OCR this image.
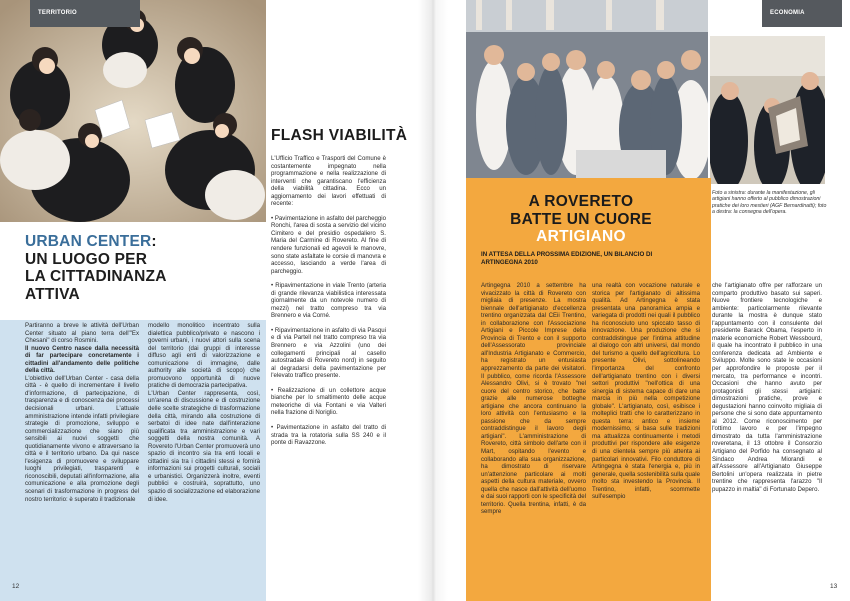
TERRITORIO
URBAN CENTER:
UN LUOGO PER
LA CITTADINANZA
ATTIVA

Partiranno a breve le attività dell'Urban Center situato al piano terra dell'"Ex Chesani" di corso Rosmini.

Il nuovo Centro nasce dalla necessità di far partecipare concretamente i cittadini all'andamento delle politiche della città.

L'obiettivo dell'Urban Center - casa della città - è quello di incrementare il livello d'informazione, di partecipazione, di trasparenza e di conoscenza dei processi decisionali urbani. L'attuale amministrazione intende infatti privilegiare strategie di promozione, sviluppo e commercializzazione che siano più sensibili ai nuovi soggetti che quotidianamente vivono e attraversano la città e il territorio urbano. Da qui nasce l'esigenza di promuovere e sviluppare luoghi privilegiati, trasparenti e riconoscibili, deputati all'informazione, alla comunicazione e alla promozione degli scenari di trasformazione in progress del nostro territorio: è superato il tradizionale

modello monolitico incentrato sulla dialettica pubblico/privato e nascono i governi urbani, i nuovi attori sulla scena del territorio (dai gruppi di interesse diffuso agli enti di valorizzazione e comunicazione di immagine, dalle authority alle società di scopo) che promuovono opportunità di nuove pratiche di democrazia partecipativa.

L'Urban Center rappresenta, così, un'arena di discussione e di costruzione delle scelte strategiche di trasformazione della città, mirando alla costruzione di serbatoi di idee nate dall'interazione qualificata tra amministrazione e vari soggetti della nostra comunità. A Rovereto l'Urban Center promuoverà uno spazio di incontro sia tra enti locali e cittadini sia tra i cittadini stessi e fornirà informazioni sui progetti culturali, sociali e urbanistici. Organizzerà inoltre, eventi pubblici e costruirà, soprattutto, uno spazio di socializzazione ed elaborazione di idee.

FLASH VIABILITÀ

L'Ufficio Traffico e Trasporti del Comune è costantemente impegnato nella programmazione e nella realizzazione di interventi che garantiscano l'efficienza della viabilità cittadina. Ecco un aggiornamento dei lavori effettuati di recente:

• Pavimentazione in asfalto del parcheggio Ronchi, l'area di sosta a servizio del vicino Cimitero e del presidio ospedaliero S. Maria del Carmine di Rovereto. Al fine di rendere funzionali ed agevoli le manovre, sono state asfaltate le corsie di manovra e accesso, lasciando a verde l'area di parcheggio.

• Ripavimentazione in viale Trento (arteria di grande rilevanza viabilistica interessata giornalmente da un notevole numero di mezzi) nel tratto compreso tra via Brennero e via Corné.

• Ripavimentazione in asfalto di via Pasqui e di via Partell nel tratto compreso tra via Brennero e via Azzolini (uno dei collegamenti principali al casello autostradale di Rovereto nord) in seguito al degradarsi della pavimentazione per l'elevato traffico presente.

• Realizzazione di un collettore acque bianche per lo smaltimento delle acque meteoriche di via Fontani e via Valteri nella frazione di Noriglio.

• Pavimentazione in asfalto del tratto di strada tra la rotatoria sulla SS 240 e il ponte di Ravazzone.

12
ECONOMIA
Foto a sinistra: durante la manifestazione, gli artigiani hanno offerto al pubblico dimostrazioni pratiche dei loro mestieri (AGF Bernardinatti); foto a destra: la consegna dell'opera.
A ROVERETO
BATTE UN CUORE
ARTIGIANO
IN ATTESA DELLA PROSSIMA EDIZIONE, UN BILANCIO DI ARTINGEGNA 2010
Artingegna 2010 a settembre ha vivacizzato la città di Rovereto con migliaia di presenze. La mostra biennale dell'artigianato d'eccellenza trentino organizzata dal CEii Trentino, in collaborazione con l'Associazione Artigiani e Piccole Imprese della Provincia di Trento e con il supporto dell'Assessorato provinciale all'Industria Artigianato e Commercio, ha registrato un entusiasta apprezzamento da parte dei visitatori. Il pubblico, come ricorda l'Assessore Alessandro Olivi, si è trovato "nel cuore del centro storico, che batte grazie alle numerose botteghe artigiane che ancora continuano la loro attività con l'entusiasmo e la passione che da sempre contraddistingue il lavoro degli artigiani". L'amministrazione di Rovereto, città simbolo dell'arte con il Mart, ospitando l'evento e collaborando alla sua organizzazione, ha dimostrato di riservare un'attenzione particolare ai molti aspetti della cultura materiale, ovvero quella che nasce dall'attività dell'uomo e dai suoi rapporti con le specificità del territorio. Quella trentina, infatti, è da sempre
una realtà con vocazione naturale e storica per l'artigianato di altissima qualità. Ad Artingegna è stata presentata una panoramica ampia e variegata di prodotti nei quali il pubblico ha riconosciuto uno spiccato tasso di innovazione. Una produzione che si contraddistingue per l'intima attitudine al dialogo con altri universi, dal mondo del turismo a quello dell'agricoltura. Lo presente Olivi, sottolineando l'importanza del confronto dell'artigianato trentino con i diversi settori produttivi "nell'ottica di una sinergia di sistema capace di dare una marcia in più nella competizione globale". L'artigianato, così, esibisce i molteplici tratti che lo caratterizzano in questa terra: antico e insieme modernissimo, si basa sulle tradizioni ma attualizza continuamente i metodi produttivi per rispondere alle esigenze di una clientela sempre più attenta ai particolari innovativi. Filo conduttore di Artingegna è stata l'energia e, più in generale, quella sostenibilità sulla quale molto sta investendo la Provincia. Il Trentino, infatti, scommette sull'esempio
che l'artigianato offre per rafforzare un comparto produttivo basato sui saperi. Nuove frontiere tecnologiche e ambiente: particolarmente rilevante durante la mostra è dunque stato l'appuntamento con il consulente del presidente Barack Obama, l'esperto in materie economiche Robert Wessbourd, il quale ha incontrato il pubblico in una conferenza dedicata ad Ambiente e Sviluppo. Molte sono state le occasioni per approfondire le proposte per il mercato, tra performance e incontri. Occasioni che hanno avuto per protagonisti gli stessi artigiani: dimostrazioni pratiche, prove e degustazioni hanno coinvolto migliaia di persone che si sono date appuntamento al 2012. Come riconoscimento per l'ottimo lavoro e per l'impegno dimostrato da tutta l'amministrazione roveretana, il 13 ottobre il Consorzio Artigiano del Porfido ha consegnato al Sindaco Andrea Miorandi e all'Assessore all'Artigianato Giuseppe Bertolini un'opera realizzata in pietre trentine che rappresenta l'arazzo "Il pupazzo in maltia" di Fortunato Depero.
13
